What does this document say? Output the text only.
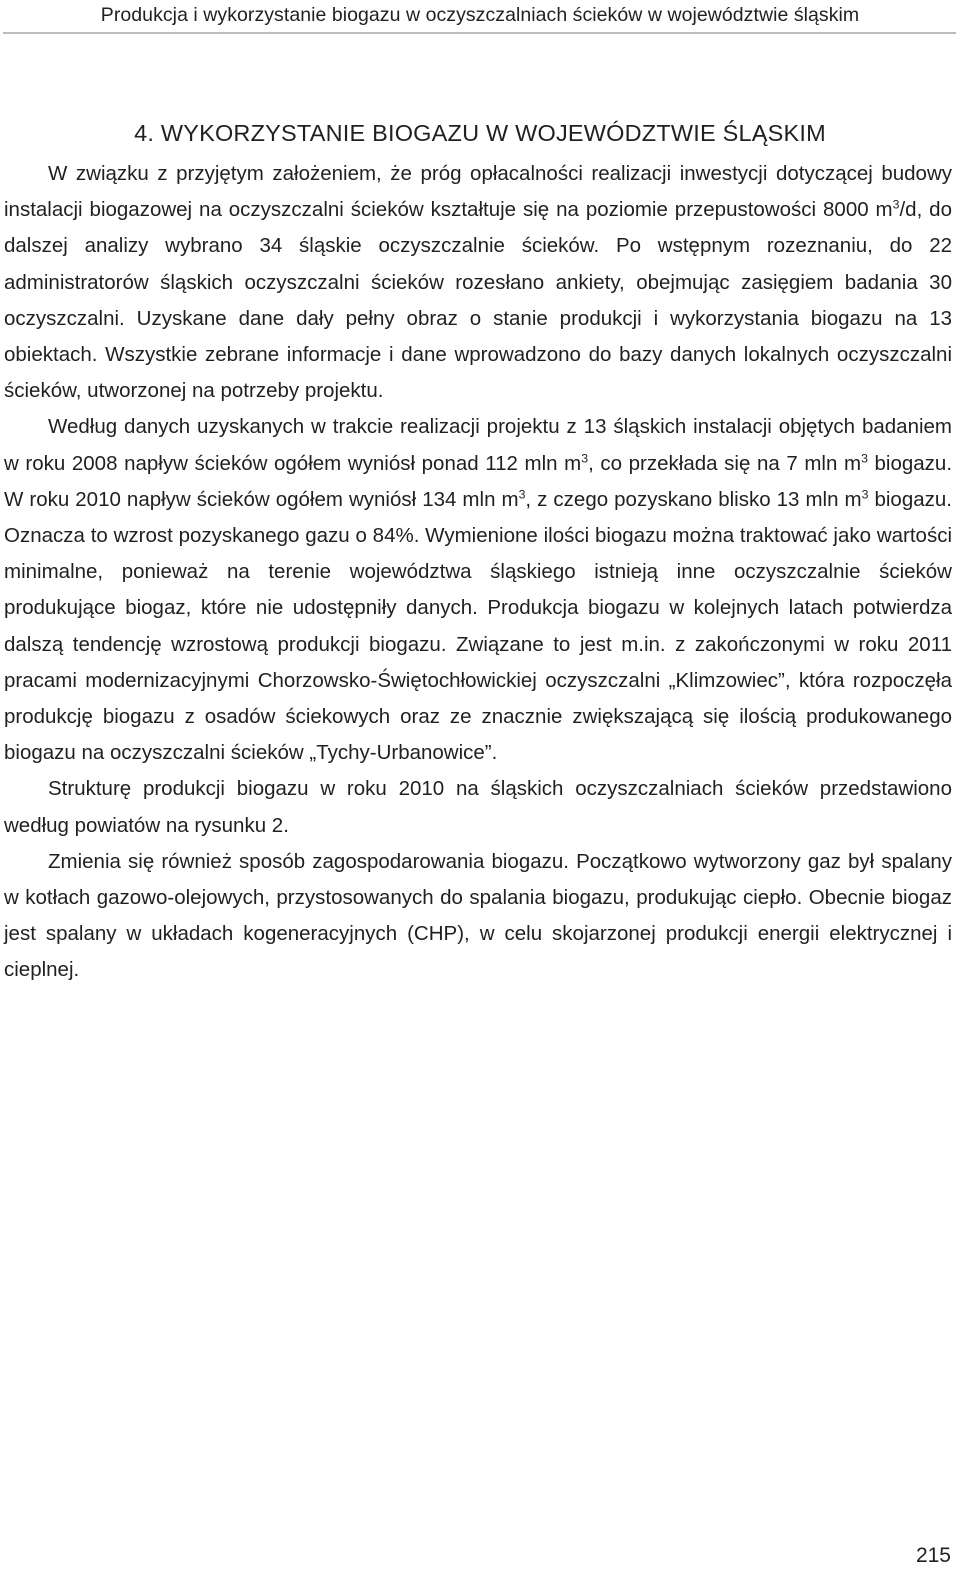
Produkcja i wykorzystanie biogazu w oczyszczalniach ścieków w województwie śląskim
4. WYKORZYSTANIE BIOGAZU W WOJEWÓDZTWIE ŚLĄSKIM

W związku z przyjętym założeniem, że próg opłacalności realizacji inwestycji dotyczącej budowy instalacji biogazowej na oczyszczalni ścieków kształtuje się na poziomie przepustowości 8000 $m^3/d$, do dalszej analizy wybrano 34 śląskie oczyszczalnie ścieków. Po wstępnym rozeznaniu, do 22 administratorów śląskich oczyszczalni ścieków rozesłano ankiety, obejmując zasięgiem badania 30 oczyszczalni. Uzyskane dane dały pełny obraz o stanie produkcji i wykorzystania biogazu na 13 obiektach. Wszystkie zebrane informacje i dane wprowadzono do bazy danych lokalnych oczyszczalni ścieków, utworzonej na potrzeby projektu.

Według danych uzyskanych w trakcie realizacji projektu z 13 śląskich instalacji objętych badaniem w roku 2008 napływ ścieków ogółem wyniósł ponad 112 mln $m^3$, co przekłada się na 7 mln $m^3$ biogazu. W roku 2010 napływ ścieków ogółem wyniósł 134 mln $m^3$, z czego pozyskano blisko 13 mln $m^3$ biogazu. Oznacza to wzrost pozyskanego gazu o 84%. Wymienione ilości biogazu można traktować jako wartości minimalne, ponieważ na terenie województwa śląskiego istnieją inne oczyszczalnie ścieków produkujące biogaz, które nie udostępniły danych. Produkcja biogazu w kolejnych latach potwierdza dalszą tendencję wzrostową produkcji biogazu. Związane to jest m.in. z zakończonymi w roku 2011 pracami modernizacyjnymi Chorzowsko-Świętochłowickiej oczyszczalni „Klimzowiec”, która rozpoczęła produkcję biogazu z osadów ściekowych oraz ze znacznie zwiększającą się ilością produkowanego biogazu na oczyszczalni ścieków „Tychy-Urbanowice”.

Strukturę produkcji biogazu w roku 2010 na śląskich oczyszczalniach ścieków przedstawiono według powiatów na rysunku 2.

Zmienia się również sposób zagospodarowania biogazu. Początkowo wytworzony gaz był spalany w kotłach gazowo-olejowych, przystosowanych do spalania biogazu, produkując ciepło. Obecnie biogaz jest spalany w układach kogeneracyjnych (CHP), w celu skojarzonej produkcji energii elektrycznej i cieplnej.

215
